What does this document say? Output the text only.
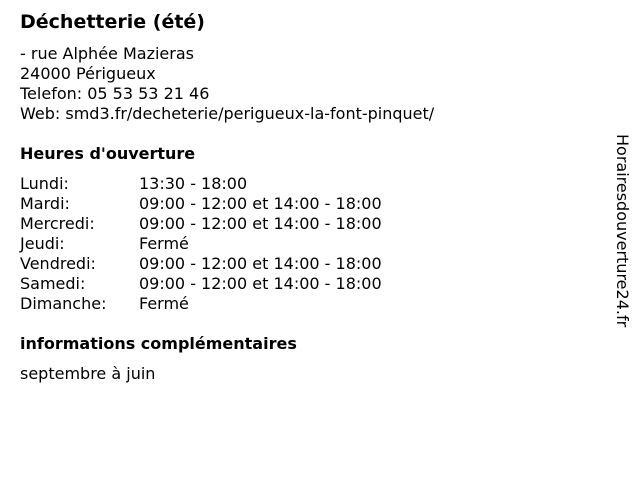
Déchetterie (été)
- rue Alphée Mazieras
24000 Périgueux
Telefon: 05 53 53 21 46
Web: smd3.fr/decheterie/perigueux-la-font-pinquet/
Heures d'ouverture
Lundi:	13:30 - 18:00
Mardi:	09:00 - 12:00 et 14:00 - 18:00
Mercredi:	09:00 - 12:00 et 14:00 - 18:00
Jeudi:	Fermé
Vendredi:	09:00 - 12:00 et 14:00 - 18:00
Samedi:	09:00 - 12:00 et 14:00 - 18:00
Dimanche:	Fermé
informations complémentaires
septembre à juin
Horairesdouverture24.fr
